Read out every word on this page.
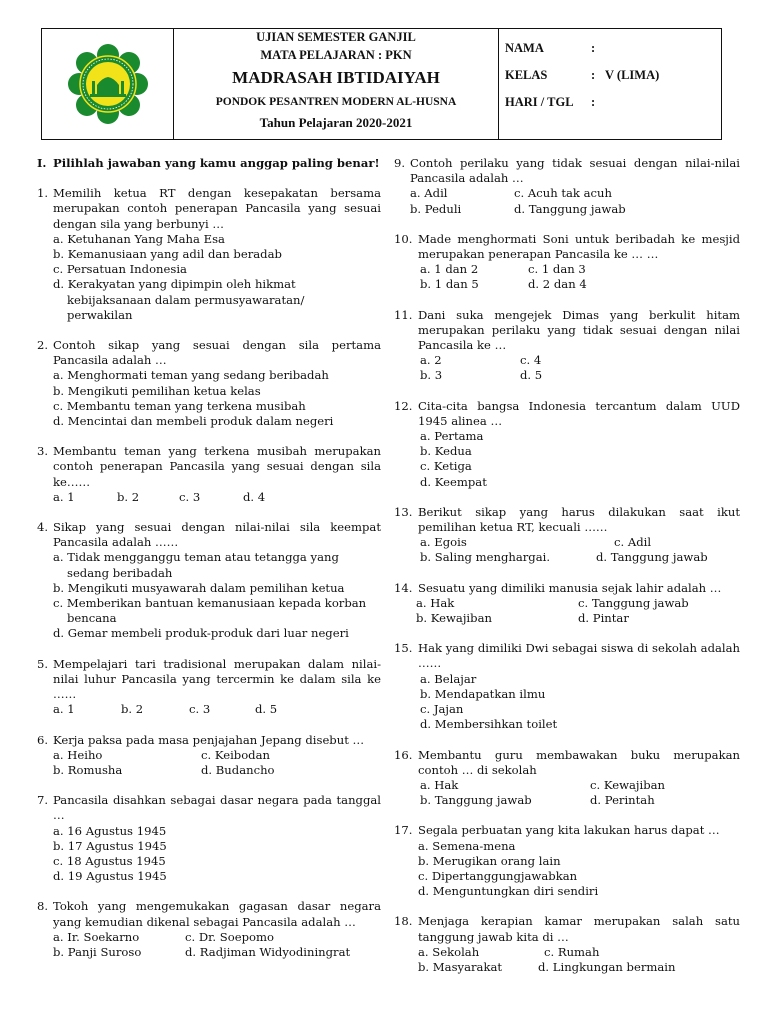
UJIAN SEMESTER GANJIL
MATA PELAJARAN : PKN
MADRASAH IBTIDAIYAH
PONDOK PESANTREN MODERN AL-HUSNA
Tahun Pelajaran 2020-2021
NAMA	:
KELAS	: V (LIMA)
HARI / TGL	:
I. Pilihlah jawaban yang kamu anggap paling benar!
1. Memilih ketua RT dengan kesepakatan bersama merupakan contoh penerapan Pancasila yang sesuai dengan sila yang berbunyi …
a. Ketuhanan Yang Maha Esa
b. Kemanusiaan yang adil dan beradab
c. Persatuan Indonesia
d. Kerakyatan yang dipimpin oleh hikmat
kebijaksanaan dalam permusyawaratan/
perwakilan
2. Contoh sikap yang sesuai dengan sila pertama Pancasila adalah …
a. Menghormati teman yang sedang beribadah
b. Mengikuti pemilihan ketua kelas
c. Membantu teman yang terkena musibah
d. Mencintai dan membeli produk dalam negeri
3. Membantu teman yang terkena musibah merupakan contoh penerapan Pancasila yang sesuai dengan sila ke……
a. 1	b. 2	c. 3	d. 4
4. Sikap yang sesuai dengan nilai-nilai sila keempat Pancasila adalah ……
a. Tidak mengganggu teman atau tetangga yang
sedang beribadah
b. Mengikuti musyawarah dalam pemilihan ketua
c. Memberikan bantuan kemanusiaan kepada korban
bencana
d. Gemar membeli produk-produk dari luar negeri
5. Mempelajari tari tradisional merupakan dalam nilai-nilai luhur Pancasila yang tercermin ke dalam sila ke ……
a. 1	b. 2	c. 3	d. 5
6. Kerja paksa pada masa penjajahan Jepang disebut …
a. Heiho	c. Keibodan
b. Romusha	d. Budancho
7. Pancasila disahkan sebagai dasar negara pada tanggal …
a. 16 Agustus 1945
b. 17 Agustus 1945
c. 18 Agustus 1945
d. 19 Agustus 1945
8. Tokoh yang mengemukakan gagasan dasar negara yang kemudian dikenal sebagai Pancasila adalah …
a. Ir. Soekarno	c. Dr. Soepomo
b. Panji Suroso	d. Radjiman Widyodiningrat
9. Contoh perilaku yang tidak sesuai dengan nilai-nilai Pancasila adalah …
a. Adil	c. Acuh tak acuh
b. Peduli	d. Tanggung jawab
10. Made menghormati Soni untuk beribadah ke mesjid merupakan penerapan Pancasila ke … …
a. 1 dan 2	c. 1 dan 3
b. 1 dan 5	d. 2 dan 4
11. Dani suka mengejek Dimas yang berkulit hitam merupakan perilaku yang tidak sesuai dengan nilai Pancasila ke …
a. 2	c. 4
b. 3	d. 5
12. Cita-cita bangsa Indonesia tercantum dalam UUD 1945 alinea …
a. Pertama
b. Kedua
c. Ketiga
d. Keempat
13. Berikut sikap yang harus dilakukan saat ikut pemilihan ketua RT, kecuali ……
a. Egois	c. Adil
b. Saling menghargai.	d. Tanggung jawab
14. Sesuatu yang dimiliki manusia sejak lahir adalah …
a. Hak	c. Tanggung jawab
b. Kewajiban	d. Pintar
15. Hak yang dimiliki Dwi sebagai siswa di sekolah adalah ……
a. Belajar
b. Mendapatkan ilmu
c. Jajan
d. Membersihkan toilet
16. Membantu guru membawakan buku merupakan contoh … di sekolah
a. Hak	c. Kewajiban
b. Tanggung jawab	d. Perintah
17. Segala perbuatan yang kita lakukan harus dapat …
a. Semena-mena
b. Merugikan orang lain
c. Dipertanggungjawabkan
d. Menguntungkan diri sendiri
18. Menjaga kerapian kamar merupakan salah satu tanggung jawab kita di …
a. Sekolah	c. Rumah
b. Masyarakat	d. Lingkungan bermain
